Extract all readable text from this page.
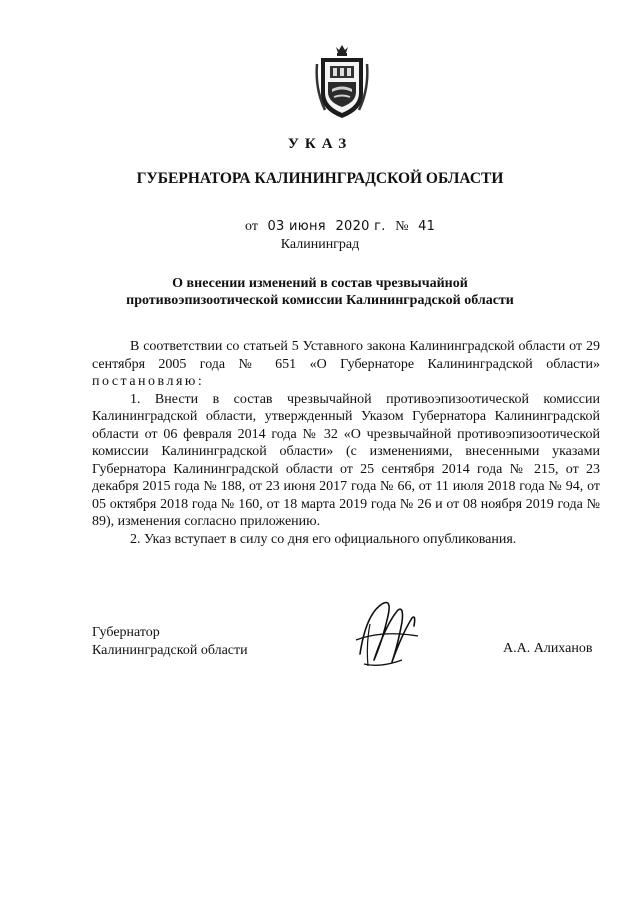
УКАЗ
ГУБЕРНАТОРА КАЛИНИНГРАДСКОЙ ОБЛАСТИ
от 03 июня 2020 г. № 41
Калининград
О внесении изменений в состав чрезвычайной
противоэпизоотической комиссии Калининградской области

В соответствии со статьей 5 Уставного закона Калининградской области от 29 сентября 2005 года № 651 «О Губернаторе Калининградской области» постановляю:

1. Внести в состав чрезвычайной противоэпизоотической комиссии Калининградской области, утвержденный Указом Губернатора Калининградской области от 06 февраля 2014 года № 32 «О чрезвычайной противоэпизоотической комиссии Калининградской области» (с изменениями, внесенными указами Губернатора Калининградской области от 25 сентября 2014 года № 215, от 23 декабря 2015 года № 188, от 23 июня 2017 года № 66, от 11 июля 2018 года № 94, от 05 октября 2018 года № 160, от 18 марта 2019 года № 26 и от 08 ноября 2019 года № 89), изменения согласно приложению.

2. Указ вступает в силу со дня его официального опубликования.

Губернатор
Калининградской области	А.А. Алиханов
